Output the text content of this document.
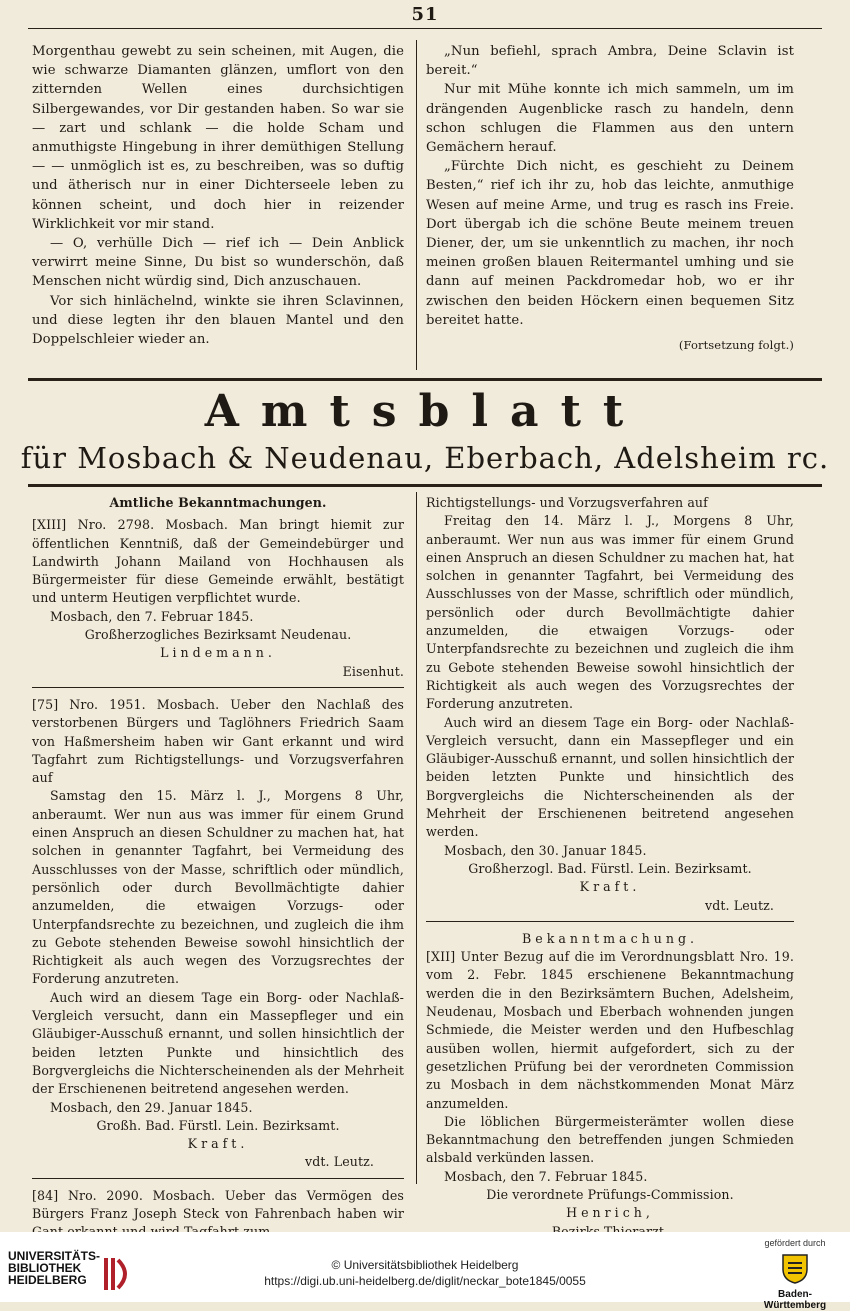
51

Morgenthau gewebt zu sein scheinen, mit Augen, die wie schwarze Diamanten glänzen, umflort von den zitternden Wellen eines durchsichtigen Silbergewandes, vor Dir gestanden haben. So war sie — zart und schlank — die holde Scham und anmuthigste Hingebung in ihrer demüthigen Stellung — — unmöglich ist es, zu beschreiben, was so duftig und ätherisch nur in einer Dichterseele leben zu können scheint, und doch hier in reizender Wirklichkeit vor mir stand.

— O, verhülle Dich — rief ich — Dein Anblick verwirrt meine Sinne, Du bist so wunderschön, daß Menschen nicht würdig sind, Dich anzuschauen.

Vor sich hinlächelnd, winkte sie ihren Sclavinnen, und diese legten ihr den blauen Mantel und den Doppelschleier wieder an.

„Nun befiehl, sprach Ambra, Deine Sclavin ist bereit.“

Nur mit Mühe konnte ich mich sammeln, um im drängenden Augenblicke rasch zu handeln, denn schon schlugen die Flammen aus den untern Gemächern herauf.

„Fürchte Dich nicht, es geschieht zu Deinem Besten,“ rief ich ihr zu, hob das leichte, anmuthige Wesen auf meine Arme, und trug es rasch ins Freie. Dort übergab ich die schöne Beute meinem treuen Diener, der, um sie unkenntlich zu machen, ihr noch meinen großen blauen Reitermantel umhing und sie dann auf meinen Packdromedar hob, wo er ihr zwischen den beiden Höckern einen bequemen Sitz bereitet hatte.

(Fortsetzung folgt.)

Amtsblatt
für Mosbach & Neudenau, Eberbach, Adelsheim rc.

Amtliche Bekanntmachungen.

[XIII] Nro. 2798. Mosbach. Man bringt hiemit zur öffentlichen Kenntniß, daß der Gemeindebürger und Landwirth Johann Mailand von Hochhausen als Bürgermeister für diese Gemeinde erwählt, bestätigt und unterm Heutigen verpflichtet wurde.

Mosbach, den 7. Februar 1845.

Großherzogliches Bezirksamt Neudenau.

Lindemann.

Eisenhut.

[75] Nro. 1951. Mosbach. Ueber den Nachlaß des verstorbenen Bürgers und Taglöhners Friedrich Saam von Haßmersheim haben wir Gant erkannt und wird Tagfahrt zum Richtigstellungs- und Vorzugsverfahren auf

Samstag den 15. März l. J., Morgens 8 Uhr, anberaumt. Wer nun aus was immer für einem Grund einen Anspruch an diesen Schuldner zu machen hat, hat solchen in genannter Tagfahrt, bei Vermeidung des Ausschlusses von der Masse, schriftlich oder mündlich, persönlich oder durch Bevollmächtigte dahier anzumelden, die etwaigen Vorzugs- oder Unterpfandsrechte zu bezeichnen, und zugleich die ihm zu Gebote stehenden Beweise sowohl hinsichtlich der Richtigkeit als auch wegen des Vorzugsrechtes der Forderung anzutreten.

Auch wird an diesem Tage ein Borg- oder Nachlaß-Vergleich versucht, dann ein Massepfleger und ein Gläubiger-Ausschuß ernannt, und sollen hinsichtlich der beiden letzten Punkte und hinsichtlich des Borgvergleichs die Nichterscheinenden als der Mehrheit der Erschienenen beitretend angesehen werden.

Mosbach, den 29. Januar 1845.

Großh. Bad. Fürstl. Lein. Bezirksamt.

Kraft.

vdt. Leutz.

[84] Nro. 2090. Mosbach. Ueber das Vermögen des Bürgers Franz Joseph Steck von Fahrenbach haben wir

Richtigstellungs- und Vorzugsverfahren auf

Freitag den 14. März l. J., Morgens 8 Uhr, anberaumt. Wer nun aus was immer für einem Grund einen Anspruch an diesen Schuldner zu machen hat, hat solchen in genannter Tagfahrt, bei Vermeidung des Ausschlusses von der Masse, schriftlich oder mündlich, persönlich oder durch Bevollmächtigte dahier anzumelden, die etwaigen Vorzugs- oder Unterpfandsrechte zu bezeichnen und zugleich die ihm zu Gebote stehenden Beweise sowohl hinsichtlich der Richtigkeit als auch wegen des Vorzugsrechtes der Forderung anzutreten.

Auch wird an diesem Tage ein Borg- oder Nachlaß-Vergleich versucht, dann ein Massepfleger und ein Gläubiger-Ausschuß ernannt, und sollen hinsichtlich der beiden letzten Punkte und hinsichtlich des Borgvergleichs die Nichterscheinenden als der Mehrheit der Erschienenen beitretend angesehen werden.

Mosbach, den 30. Januar 1845.

Großherzogl. Bad. Fürstl. Lein. Bezirksamt.

Kraft.

vdt. Leutz.

Bekanntmachung.

[XII] Unter Bezug auf die im Verordnungsblatt Nro. 19. vom 2. Febr. 1845 erschienene Bekanntmachung werden die in den Bezirksämtern Buchen, Adelsheim, Neudenau, Mosbach und Eberbach wohnenden jungen Schmiede, die Meister werden und den Hufbeschlag ausüben wollen, hiermit aufgefordert, sich zu der gesetzlichen Prüfung bei der verordneten Commission zu Mosbach in dem nächstkommenden Monat März anzumelden.

Die löblichen Bürgermeisterämter wollen diese Bekanntmachung den betreffenden jungen Schmieden alsbald verkünden lassen.

Mosbach, den 7. Februar 1845.

Die verordnete Prüfungs-Commission.

Henrich,

UNIVERSITÄTS-
BIBLIOTHEK
HEIDELBERG
© Universitätsbibliothek Heidelberg
https://digi.ub.uni-heidelberg.de/diglit/neckar_bote1845/0055
gefördert durch
Baden-Württemberg
